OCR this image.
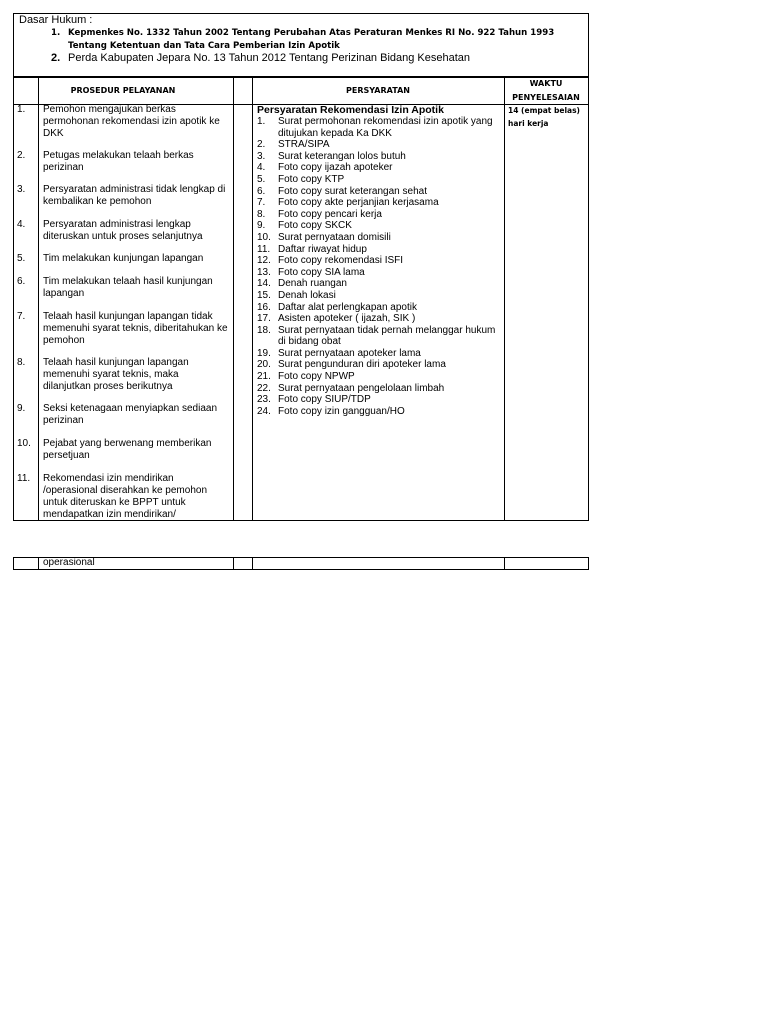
Dasar Hukum :
1. Kepmenkes No. 1332 Tahun 2002 Tentang Perubahan Atas Peraturan Menkes RI No. 922 Tahun 1993 Tentang Ketentuan dan Tata Cara Pemberian Izin Apotik
2. Perda Kabupaten Jepara No. 13 Tahun 2012 Tentang Perizinan Bidang Kesehatan
PROSEDUR PELAYANAN	PERSYARATAN
WAKTU PENYELESAIAN
1. Pemohon mengajukan berkas permohonan rekomendasi izin apotik ke DKK
2. Petugas melakukan telaah berkas perizinan
3. Persyaratan administrasi tidak lengkap di kembalikan ke pemohon
4. Persyaratan administrasi lengkap diteruskan untuk proses selanjutnya
5. Tim melakukan kunjungan lapangan
6. Tim melakukan telaah hasil kunjungan lapangan
7. Telaah hasil kunjungan lapangan tidak memenuhi syarat teknis, diberitahukan ke pemohon
8. Telaah hasil kunjungan lapangan memenuhi syarat teknis, maka dilanjutkan proses berikutnya
9. Seksi ketenagaan menyiapkan sediaan perizinan
10. Pejabat yang berwenang memberikan persetjuan
11. Rekomendasi izin mendirikan /operasional diserahkan ke pemohon untuk diteruskan ke BPPT untuk mendapatkan izin mendirikan/
Persyaratan Rekomendasi Izin Apotik
1. Surat permohonan rekomendasi izin apotik yang ditujukan kepada Ka DKK
2. STRA/SIPA
3. Surat keterangan lolos butuh
4. Foto copy ijazah apoteker
5. Foto copy KTP
6. Foto copy surat keterangan sehat
7. Foto copy akte perjanjian kerjasama
8. Foto copy pencari kerja
9. Foto copy SKCK
10. Surat pernyataan domisili
11. Daftar riwayat hidup
12. Foto copy rekomendasi ISFI
13. Foto copy SIA lama
14. Denah ruangan
15. Denah lokasi
16. Daftar alat perlengkapan apotik
17. Asisten apoteker ( ijazah, SIK )
18. Surat pernyataan tidak pernah melanggar hukum di bidang obat
19. Surat pernyataan apoteker lama
20. Surat pengunduran diri apoteker lama
21. Foto copy NPWP
22. Surat pernyataan pengelolaan limbah
23. Foto copy SIUP/TDP
24. Foto copy izin gangguan/HO
14 (empat belas) hari kerja
operasional
